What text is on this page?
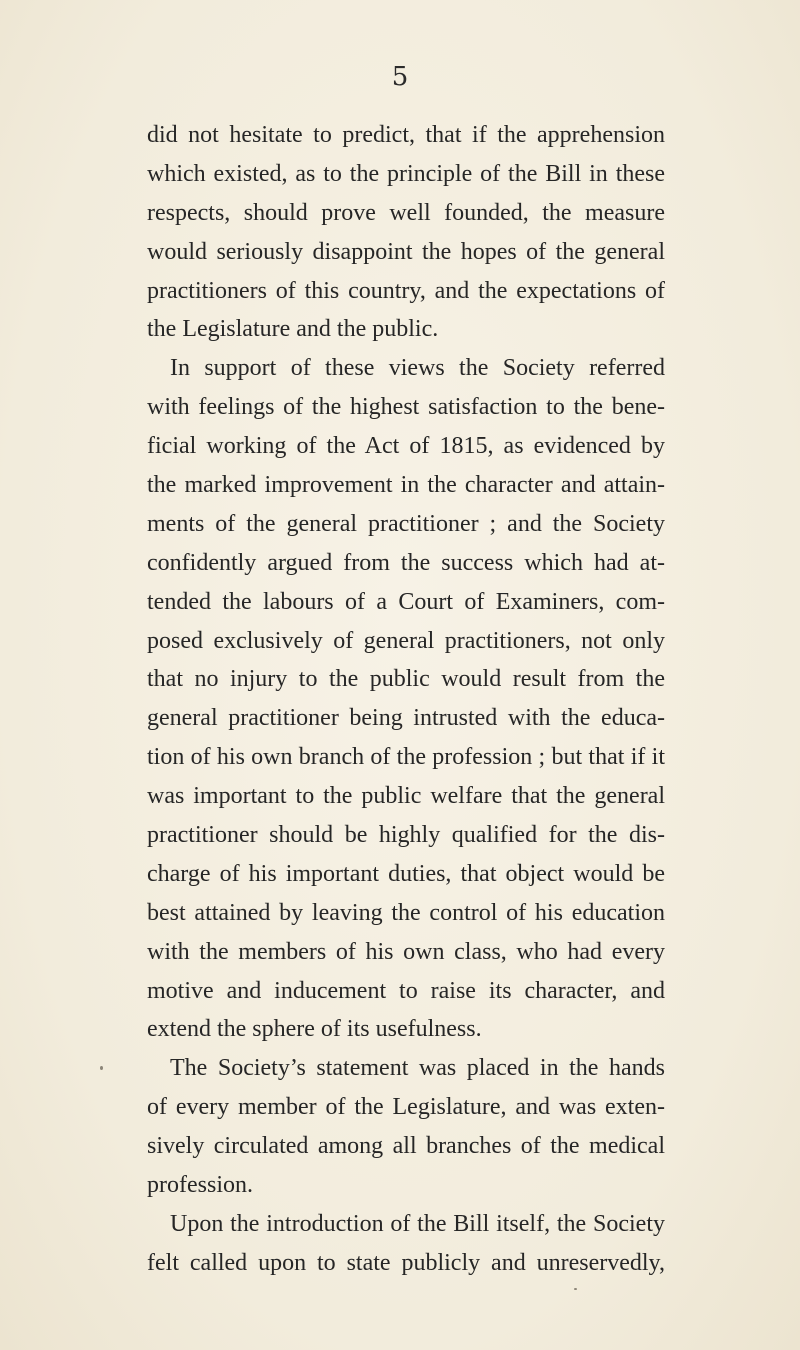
5
did not hesitate to predict, that if the apprehension
which existed, as to the principle of the Bill in these
respects, should prove well founded, the measure
would seriously disappoint the hopes of the general
practitioners of this country, and the expectations of
the Legislature and the public.
In support of these views the Society referred
with feelings of the highest satisfaction to the bene-
ficial working of the Act of 1815, as evidenced by
the marked improvement in the character and attain-
ments of the general practitioner ; and the Society
confidently argued from the success which had at-
tended the labours of a Court of Examiners, com-
posed exclusively of general practitioners, not only
that no injury to the public would result from the
general practitioner being intrusted with the educa-
tion of his own branch of the profession ; but that if it
was important to the public welfare that the general
practitioner should be highly qualified for the dis-
charge of his important duties, that object would be
best attained by leaving the control of his education
with the members of his own class, who had every
motive and inducement to raise its character, and
extend the sphere of its usefulness.
The Society’s statement was placed in the hands
of every member of the Legislature, and was exten-
sively circulated among all branches of the medical
profession.
Upon the introduction of the Bill itself, the Society
felt called upon to state publicly and unreservedly,
